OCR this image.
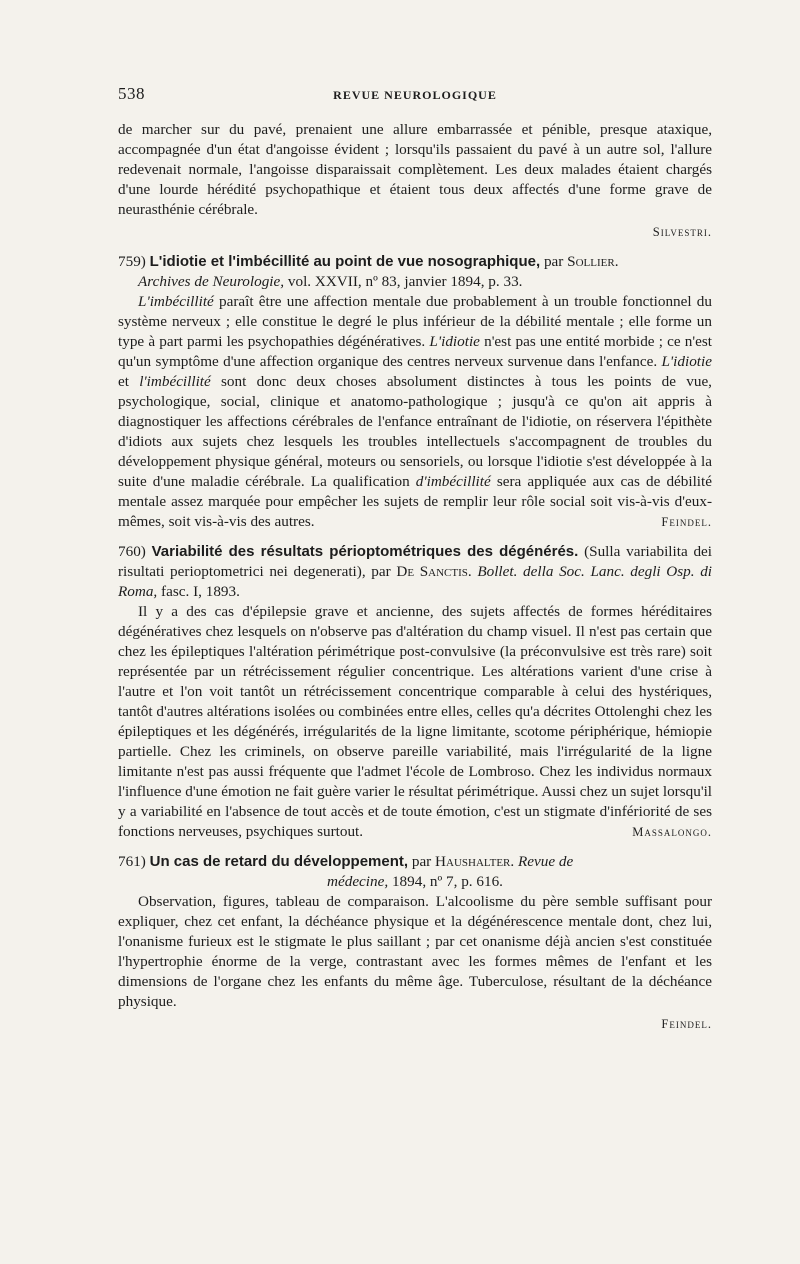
538	REVUE NEUROLOGIQUE

de marcher sur du pavé, prenaient une allure embarrassée et pénible, presque ataxique, accompagnée d'un état d'angoisse évident ; lorsqu'ils passaient du pavé à un autre sol, l'allure redevenait normale, l'angoisse disparaissait complètement. Les deux malades étaient chargés d'une lourde hérédité psychopathique et étaient tous deux affectés d'une forme grave de neurasthénie cérébrale.

Silvestri.

759) L'idiotie et l'imbécillité au point de vue nosographique, par Sollier.

Archives de Neurologie, vol. XXVII, nº 83, janvier 1894, p. 33.

L'imbécillité paraît être une affection mentale due probablement à un trouble fonctionnel du système nerveux ; elle constitue le degré le plus inférieur de la débilité mentale ; elle forme un type à part parmi les psychopathies dégénératives. L'idiotie n'est pas une entité morbide ; ce n'est qu'un symptôme d'une affection organique des centres nerveux survenue dans l'enfance. L'idiotie et l'imbécillité sont donc deux choses absolument distinctes à tous les points de vue, psychologique, social, clinique et anatomo-pathologique ; jusqu'à ce qu'on ait appris à diagnostiquer les affections cérébrales de l'enfance entraînant de l'idiotie, on réservera l'épithète d'idiots aux sujets chez lesquels les troubles intellectuels s'accompagnent de troubles du développement physique général, moteurs ou sensoriels, ou lorsque l'idiotie s'est développée à la suite d'une maladie cérébrale. La qualification d'imbécillité sera appliquée aux cas de débilité mentale assez marquée pour empêcher les sujets de remplir leur rôle social soit vis-à-vis d'eux-mêmes, soit vis-à-vis des autres.	Feindel.

760) Variabilité des résultats périoptométriques des dégénérés. (Sulla variabilita dei risultati perioptometrici nei degenerati), par De Sanctis. Bollet. della Soc. Lanc. degli Osp. di Roma, fasc. I, 1893.

Il y a des cas d'épilepsie grave et ancienne, des sujets affectés de formes héréditaires dégénératives chez lesquels on n'observe pas d'altération du champ visuel. Il n'est pas certain que chez les épileptiques l'altération périmétrique post-convulsive (la préconvulsive est très rare) soit représentée par un rétrécissement régulier concentrique. Les altérations varient d'une crise à l'autre et l'on voit tantôt un rétrécissement concentrique comparable à celui des hystériques, tantôt d'autres altérations isolées ou combinées entre elles, celles qu'a décrites Ottolenghi chez les épileptiques et les dégénérés, irrégularités de la ligne limitante, scotome périphérique, hémiopie partielle. Chez les criminels, on observe pareille variabilité, mais l'irrégularité de la ligne limitante n'est pas aussi fréquente que l'admet l'école de Lombroso. Chez les individus normaux l'influence d'une émotion ne fait guère varier le résultat périmétrique. Aussi chez un sujet lorsqu'il y a variabilité en l'absence de tout accès et de toute émotion, c'est un stigmate d'infériorité de ses fonctions nerveuses, psychiques surtout.	Massalongo.

761) Un cas de retard du développement, par Haushalter. Revue de

médecine, 1894, nº 7, p. 616.

Observation, figures, tableau de comparaison. L'alcoolisme du père semble suffisant pour expliquer, chez cet enfant, la déchéance physique et la dégénérescence mentale dont, chez lui, l'onanisme furieux est le stigmate le plus saillant ; par cet onanisme déjà ancien s'est constituée l'hypertrophie énorme de la verge, contrastant avec les formes mêmes de l'enfant et les dimensions de l'organe chez les enfants du même âge. Tuberculose, résultant de la déchéance physique.

Feindel.
